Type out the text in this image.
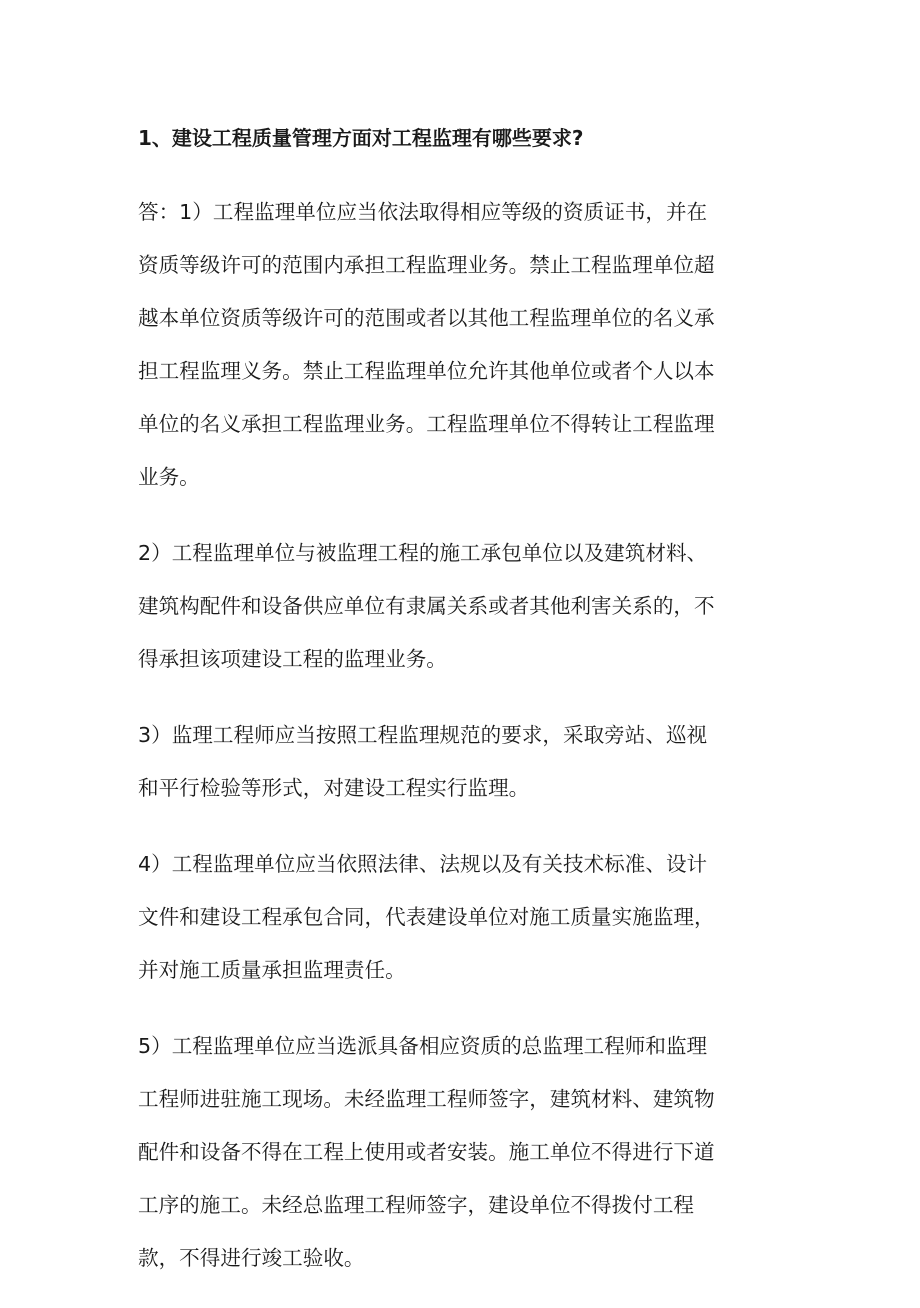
1、建设工程质量管理方面对工程监理有哪些要求?
答：1）工程监理单位应当依法取得相应等级的资质证书，并在
资质等级许可的范围内承担工程监理业务。禁止工程监理单位超
越本单位资质等级许可的范围或者以其他工程监理单位的名义承
担工程监理义务。禁止工程监理单位允许其他单位或者个人以本
单位的名义承担工程监理业务。工程监理单位不得转让工程监理
业务。
2）工程监理单位与被监理工程的施工承包单位以及建筑材料、
建筑构配件和设备供应单位有隶属关系或者其他利害关系的，不
得承担该项建设工程的监理业务。
3）监理工程师应当按照工程监理规范的要求，采取旁站、巡视
和平行检验等形式，对建设工程实行监理。
4）工程监理单位应当依照法律、法规以及有关技术标准、设计
文件和建设工程承包合同，代表建设单位对施工质量实施监理，
并对施工质量承担监理责任。
5）工程监理单位应当选派具备相应资质的总监理工程师和监理
工程师进驻施工现场。未经监理工程师签字，建筑材料、建筑物
配件和设备不得在工程上使用或者安装。施工单位不得进行下道
工序的施工。未经总监理工程师签字，建设单位不得拨付工程
款，不得进行竣工验收。
